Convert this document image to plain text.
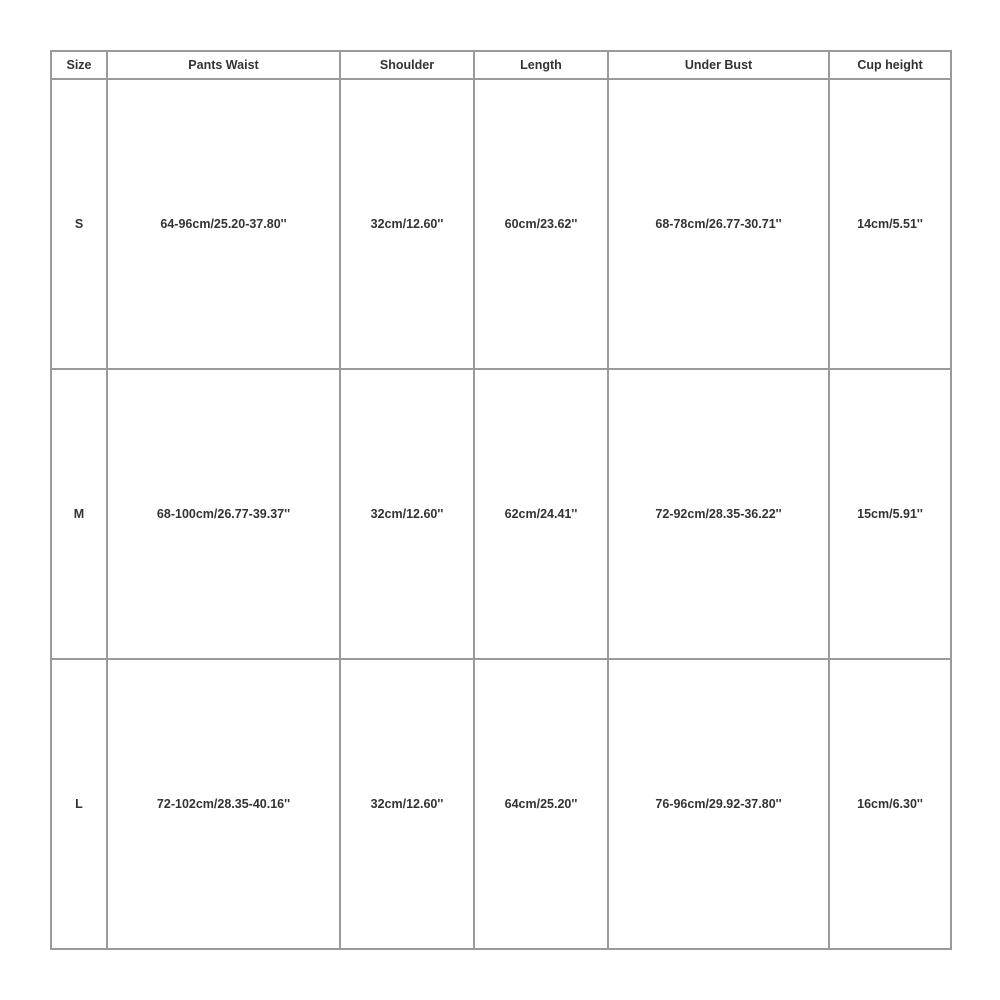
Size	Pants Waist	Shoulder	Length	Under Bust	Cup height
S	64-96cm/25.20-37.80''	32cm/12.60''	60cm/23.62''	68-78cm/26.77-30.71''	14cm/5.51''
M	68-100cm/26.77-39.37''	32cm/12.60''	62cm/24.41''	72-92cm/28.35-36.22''	15cm/5.91''
L	72-102cm/28.35-40.16''	32cm/12.60''	64cm/25.20''	76-96cm/29.92-37.80''	16cm/6.30''
